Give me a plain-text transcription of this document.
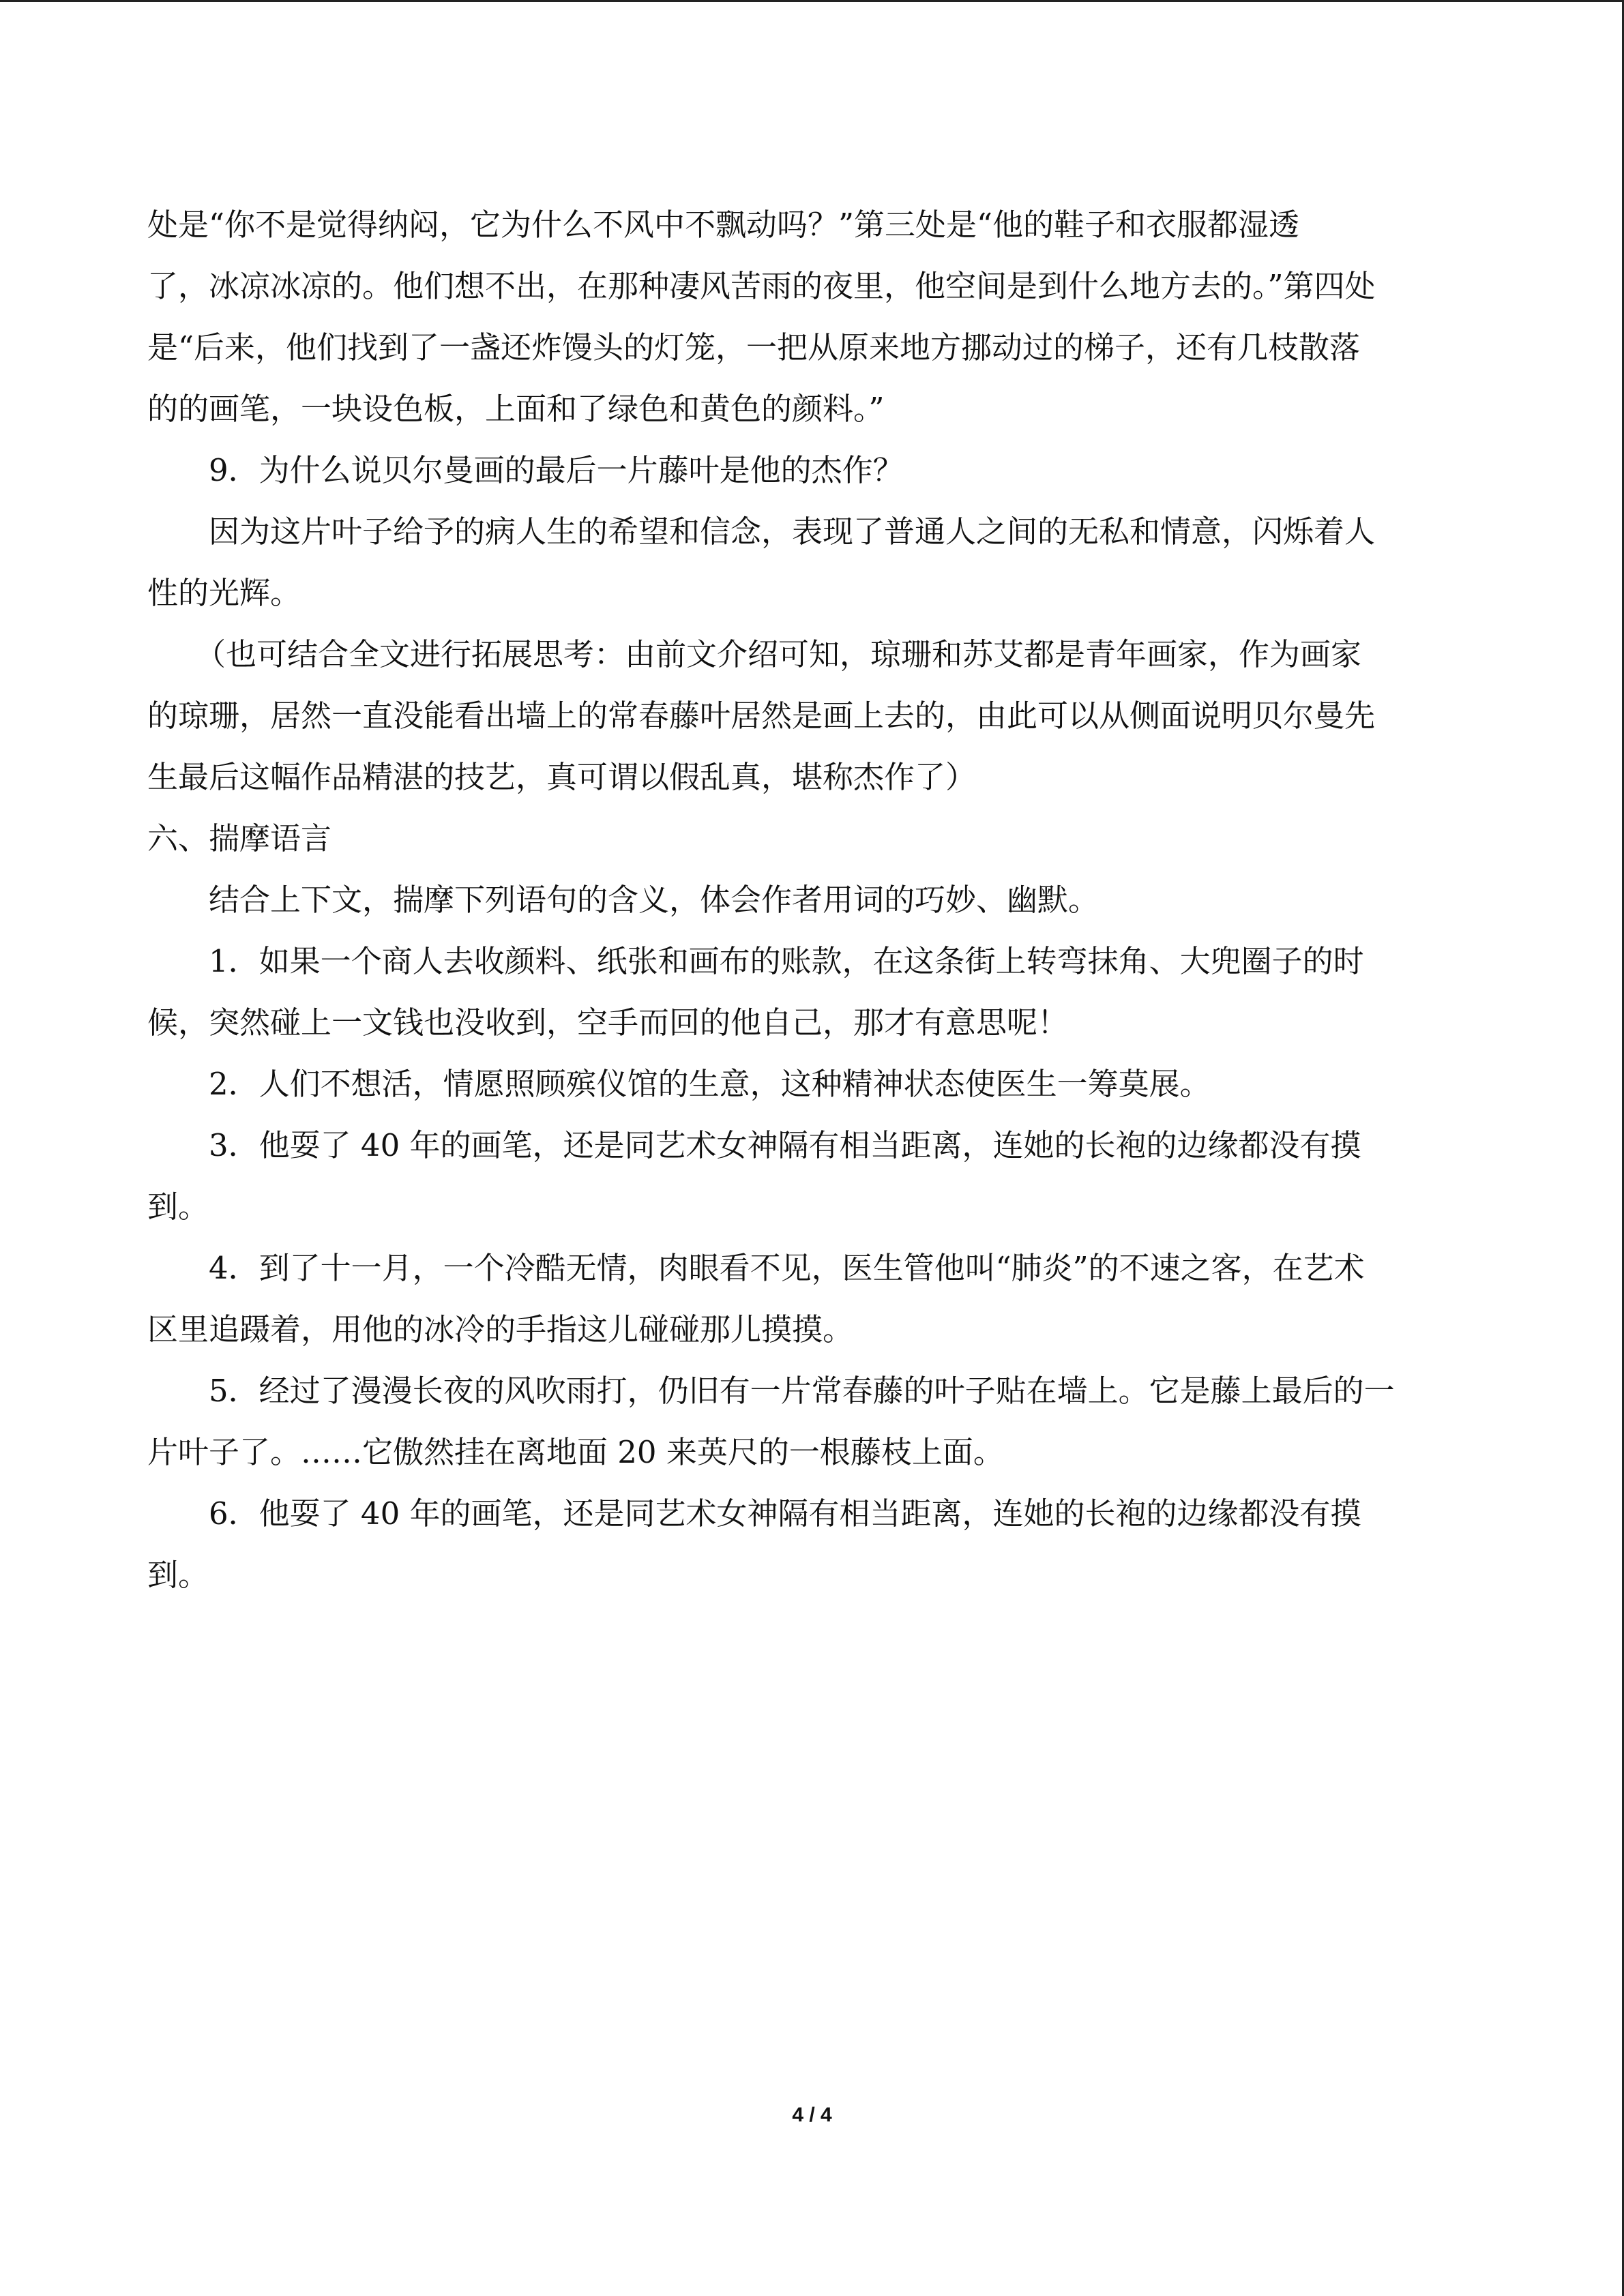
处是“你不是觉得纳闷，它为什么不风中不飘动吗？”第三处是“他的鞋子和衣服都湿透
了，冰凉冰凉的。他们想不出，在那种凄风苦雨的夜里，他空间是到什么地方去的。”第四处
是“后来，他们找到了一盏还炸馒头的灯笼，一把从原来地方挪动过的梯子，还有几枝散落
的的画笔，一块设色板，上面和了绿色和黄色的颜料。”
9．为什么说贝尔曼画的最后一片藤叶是他的杰作？
因为这片叶子给予的病人生的希望和信念，表现了普通人之间的无私和情意，闪烁着人
性的光辉。
（也可结合全文进行拓展思考：由前文介绍可知，琼珊和苏艾都是青年画家，作为画家
的琼珊，居然一直没能看出墙上的常春藤叶居然是画上去的，由此可以从侧面说明贝尔曼先
生最后这幅作品精湛的技艺，真可谓以假乱真，堪称杰作了）
六、揣摩语言
结合上下文，揣摩下列语句的含义，体会作者用词的巧妙、幽默。
1．如果一个商人去收颜料、纸张和画布的账款，在这条街上转弯抹角、大兜圈子的时
候，突然碰上一文钱也没收到，空手而回的他自己，那才有意思呢！
2．人们不想活，情愿照顾殡仪馆的生意，这种精神状态使医生一筹莫展。
3．他耍了 40 年的画笔，还是同艺术女神隔有相当距离，连她的长袍的边缘都没有摸
到。
4．到了十一月，一个冷酷无情，肉眼看不见，医生管他叫“肺炎”的不速之客，在艺术
区里追蹑着，用他的冰冷的手指这儿碰碰那儿摸摸。
5．经过了漫漫长夜的风吹雨打，仍旧有一片常春藤的叶子贴在墙上。它是藤上最后的一
片叶子了。……它傲然挂在离地面 20 来英尺的一根藤枝上面。
6．他耍了 40 年的画笔，还是同艺术女神隔有相当距离，连她的长袍的边缘都没有摸
到。
4 / 4
